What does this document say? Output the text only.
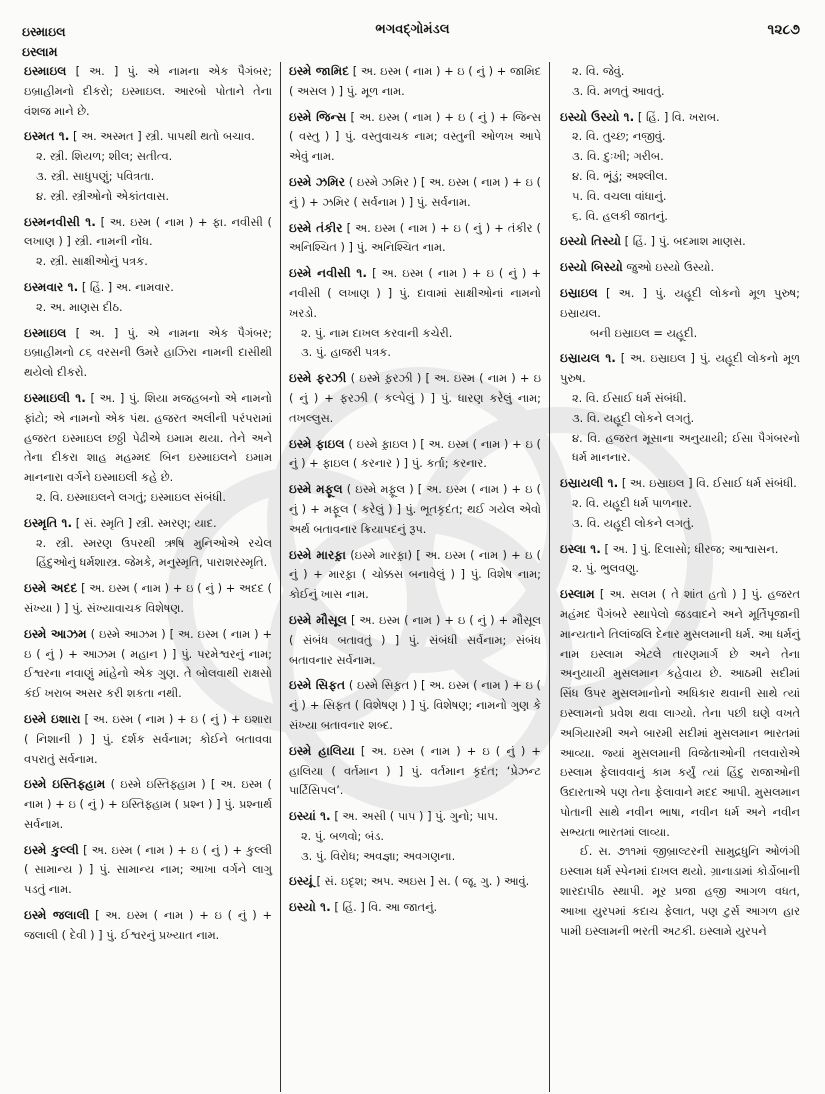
ઇસ્માઇલ
ઇસ્લામ
ભગવદ્ગોમંડલ	૧૨૮૭
ઇસ્માઇલ [ અ. ] પું. એ નામના એક પૈગંબર; ઇબ્રાહીમનો દીકરો; ઇસ્માઇલ. આરબો પોતાને તેના વંશજ માને છે.
ઇસ્મત ૧. [ અ. અસ્મત ] સ્ત્રી. પાપથી થતો બચાવ.
૨. સ્ત્રી. શિયળ; શીલ; સતીત્વ.
૩. સ્ત્રી. સાધુપણું; પવિત્રતા.
૪. સ્ત્રી. સ્ત્રીઓનો એકાંતવાસ.
ઇસ્મનવીસી ૧. [ અ. ઇસ્મ ( નામ ) + ફા. નવીસી ( લખાણ ) ] સ્ત્રી. નામની નોંધ.
૨. સ્ત્રી. સાક્ષીઓનું પત્રક.
ઇસ્મવાર ૧. [ હિં. ] અ. નામવાર.
૨. અ. માણસ દીઠ.
ઇસ્માઇલ [ અ. ] પું. એ નામના એક પૈગંબર; ઇબ્રાહીમનો ૮૬ વરસની ઉમરે હાઝિરા નામની દાસીથી થયેલો દીકરો.
ઇસ્માઇલી ૧. [ અ. ] પું. શિયા મજહબનો એ નામનો ફાંટો; એ નામનો એક પંથ. હજરત અલીની પરંપરામાં હજરત ઇસ્માઇલ છઠ્ઠી પેઢીએ ઇમામ થયા. તેને અને તેના દીકરા શાહ મહમ્મદ બિન ઇસ્માઇલને ઇમામ માનનારા વર્ગને ઇસ્માઇલી કહે છે.
૨. વિ. ઇસ્માઇલને લગતું; ઇસ્માઇલ સંબંધી.
ઇસ્મૃતિ ૧. [ સં. સ્મૃતિ ] સ્ત્રી. સ્મરણ; યાદ.
૨. સ્ત્રી. સ્મરણ ઉપરથી ઋષિ મુનિઓએ રચેલ હિંદુઓનું ધર્મશાસ્ત્ર. જેમકે, મનુસ્મૃતિ, પારાશરસ્મૃતિ.
ઇસ્મે અદદ [ અ. ઇસ્મ ( નામ ) + ઇ ( નું ) + અદદ ( સંખ્યા ) ] પું. સંખ્યાવાચક વિશેષણ.
ઇસ્મે આઝમ ( ઇસ્મે આઝમ ) [ અ. ઇસ્મ ( નામ ) + ઇ ( નું ) + આઝમ ( મહાન ) ] પું. પરમેશ્વરનું નામ; ઈશ્વરના નવાણું માંહેનો એક ગુણ. તે બોલવાથી રાક્ષસો કંઈ ખરાબ અસર કરી શકતા નથી.
ઇસ્મે ઇશારા [ અ. ઇસ્મ ( નામ ) + ઇ ( નું ) + ઇશારા ( નિશાની ) ] પું. દર્શક સર્વનામ; કોઈને બતાવવા વપરાતું સર્વનામ.
ઇસ્મે ઇસ્તિફ્હામ ( ઇસ્મે ઇસ્તિફ્હામ ) [ અ. ઇસ્મ ( નામ ) + ઇ ( નું ) + ઇસ્તિફ્હામ ( પ્રશ્ન ) ] પું. પ્રશ્નાર્થ સર્વનામ.
ઇસ્મે કુલ્લી [ અ. ઇસ્મ ( નામ ) + ઇ ( નું ) + કુલ્લી ( સામાન્ય ) ] પું. સામાન્ય નામ; આખા વર્ગને લાગુ પડતું નામ.
ઇસ્મે જલાલી [ અ. ઇસ્મ ( નામ ) + ઇ ( નું ) + જલાલી ( દેવી ) ] પું. ઈશ્વરનું પ્રખ્યાત નામ.
ઇસ્મે જામિદ [ અ. ઇસ્મ ( નામ ) + ઇ ( નું ) + જામિદ ( અસલ ) ] પું. મૂળ નામ.
ઇસ્મે જિન્સ [ અ. ઇસ્મ ( નામ ) + ઇ ( નું ) + જિન્સ ( વસ્તુ ) ] પું. વસ્તુવાચક નામ; વસ્તુની ઓળખ આપે એવું નામ.
ઇસ્મે ઝમિર ( ઇસ્મે ઝમિર ) [ અ. ઇસ્મ ( નામ ) + ઇ ( નું ) + ઝમિર ( સર્વનામ ) ] પું. સર્વનામ.
ઇસ્મે તંકીર [ અ. ઇસ્મ ( નામ ) + ઇ ( નું ) + તંકીર ( અનિશ્ચિત ) ] પું. અનિશ્ચિત નામ.
ઇસ્મે નવીસી ૧. [ અ. ઇસ્મ ( નામ ) + ઇ ( નું ) + નવીસી ( લખાણ ) ] પું. દાવામાં સાક્ષીઓનાં નામનો ખરડો.
૨. પું. નામ દાખલ કરવાની કચેરી.
૩. પું. હાજરી પત્રક.
ઇસ્મે ફરઝી ( ઇસ્મે ફ઼રઝી ) [ અ. ઇસ્મ ( નામ ) + ઇ ( નું ) + ફરઝી ( કલ્પેલું ) ] પું. ધારણ કરેલું નામ; તખલ્લુસ.
ઇસ્મે ફાઇલ ( ઇસ્મે ફ઼ાઇલ ) [ અ. ઇસ્મ ( નામ ) + ઇ ( નું ) + ફાઇલ ( કરનાર ) ] પું. કર્તા; કરનાર.
ઇસ્મે મફૂલ ( ઇસ્મે મફ઼ૂલ ) [ અ. ઇસ્મ ( નામ ) + ઇ ( નું ) + મફૂલ ( કરેલું ) ] પું. ભૂતકૃદંત; થઈ ગયેલ એવો અર્થ બતાવનાર ક્રિયાપદનું રૂપ.
ઇસ્મે મારફ઼ા (ઇસ્મે મારફ઼ા) [ અ. ઇસ્મ ( નામ ) + ઇ ( નું ) + મારફ઼ા ( ચોક્કસ બનાવેલું ) ] પું. વિશેષ નામ; કોઈનું ખાસ નામ.
ઇસ્મે મૌસૂલ [ અ. ઇસ્મ ( નામ ) + ઇ ( નું ) + મૌસૂલ ( સંબંધ બતાવતું ) ] પું. સંબંધી સર્વનામ; સંબંધ બતાવનાર સર્વનામ.
ઇસ્મે સિફત ( ઇસ્મે સિફ઼ત ) [ અ. ઇસ્મ ( નામ ) + ઇ ( નું ) + સિફત ( વિશેષણ ) ] પું. વિશેષણ; નામનો ગુણ કે સંખ્યા બતાવનાર શબ્દ.
ઇસ્મે હાલિયા [ અ. ઇસ્મ ( નામ ) + ઇ ( નું ) + હાલિયા ( વર્તમાન ) ] પું. વર્તમાન કૃદંત; ‘પ્રેઝન્ટ પાર્ટિસિપલ’.
ઇસ્યાં ૧. [ અ. અસી ( પાપ ) ] પું. ગુનો; પાપ.
૨. પું. બળવો; બંડ.
૩. પું. વિરોધ; અવજ્ઞા; અવગણના.
ઇસ્યૂં [ સં. ઇદૃશ; અપ. અઇસ ] સ. ( જૂ. ગુ. ) આવું.
ઇસ્યો ૧. [ હિં. ] વિ. આ જાતનું.
૨. વિ. જેવું.
૩. વિ. મળતું આવતું.
ઇસ્યો ઉસ્યો ૧. [ હિં. ] વિ. ખરાબ.
૨. વિ. તુચ્છ; નજીવું.
૩. વિ. દુઃખી; ગરીબ.
૪. વિ. ભૂંડું; અશ્લીલ.
૫. વિ. વચલા વાંધાનું.
૬. વિ. હલકી જાતનું.
ઇસ્યો તિસ્યો [ હિં. ] પું. બદમાશ માણસ.
ઇસ્યો બિસ્યો જુઓ ઇસ્યો ઉસ્યો.
ઇસ્રાઇલ [ અ. ] પું. યહૂદી લોકનો મૂળ પુરુષ; ઇસ્રાયલ.
બની ઇસ્રાઇલ = યહૂદી.
ઇસ્રાયલ ૧. [ અ. ઇસ્રાઇલ ] પું. યહૂદી લોકનો મૂળ પુરુષ.
૨. વિ. ઈસાઈ ધર્મ સંબંધી.
૩. વિ. યહૂદી લોકને લગતું.
૪. વિ. હજરત મૂસાના અનુયાયી; ઈસા પૈગંબરનો ધર્મ માનનાર.
ઇસ્રાયલી ૧. [ અ. ઇસ્રાઇલ ] વિ. ઈસાઈ ધર્મ સંબંધી.
૨. વિ. યહૂદી ધર્મ પાળનાર.
૩. વિ. યહૂદી લોકને લગતું.
ઇસ્લા ૧. [ અ. ] પું. દિલાસો; ધીરજ; આશ્વાસન.
૨. પું. ભુલવણુ.
ઇસ્લામ [ અ. સલમ ( તે શાંત હતો ) ] પું. હજરત મહંમદ પૈગંબરે સ્થાપેલો જડવાદને અને મૂર્તિપૂજાની માન્યતાને તિલાંજલિ દેનાર મુસલમાની ધર્મ. આ ધર્મનું નામ ઇસ્લામ એટલે તારણમાર્ગ છે અને તેના અનુયાયી મુસલમાન કહેવાય છે. આઠમી સદીમાં સિંધ ઉપર મુસલમાનોનો અધિકાર થવાની સાથે ત્યાં ઇસ્લામનો પ્રવેશ થવા લાગ્યો. તેના પછી ઘણે વખતે અગિયારમી અને બારમી સદીમાં મુસલમાન ભારતમાં આવ્યા. જ્યાં મુસલમાની વિજેતાઓની તલવારોએ ઇસ્લામ ફેલાવવાનું કામ કર્યું ત્યાં હિંદુ રાજાઓની ઉદારતાએ પણ તેના ફેલાવાને મદદ આપી. મુસલમાન પોતાની સાથે નવીન ભાષા, નવીન ધર્મ અને નવીન સભ્યતા ભારતમાં લાવ્યા.
ઈ. સ. ૭૧૧માં જીબ્રાલ્ટરની સામુદ્રધુનિ ઓળંગી ઇસ્લામ ધર્મ સ્પેનમાં દાખલ થયો. ગ્રાનાડામાં કોર્ડોબાની શારદાપીઠ સ્થાપી. મૂર પ્રજા હજી આગળ વધત, આખા યુરપમાં કદાચ ફેલાત, પણ ટુર્સ આગળ હાર પામી ઇસ્લામની ભરતી અટકી. ઇસ્લામે યુરપને
